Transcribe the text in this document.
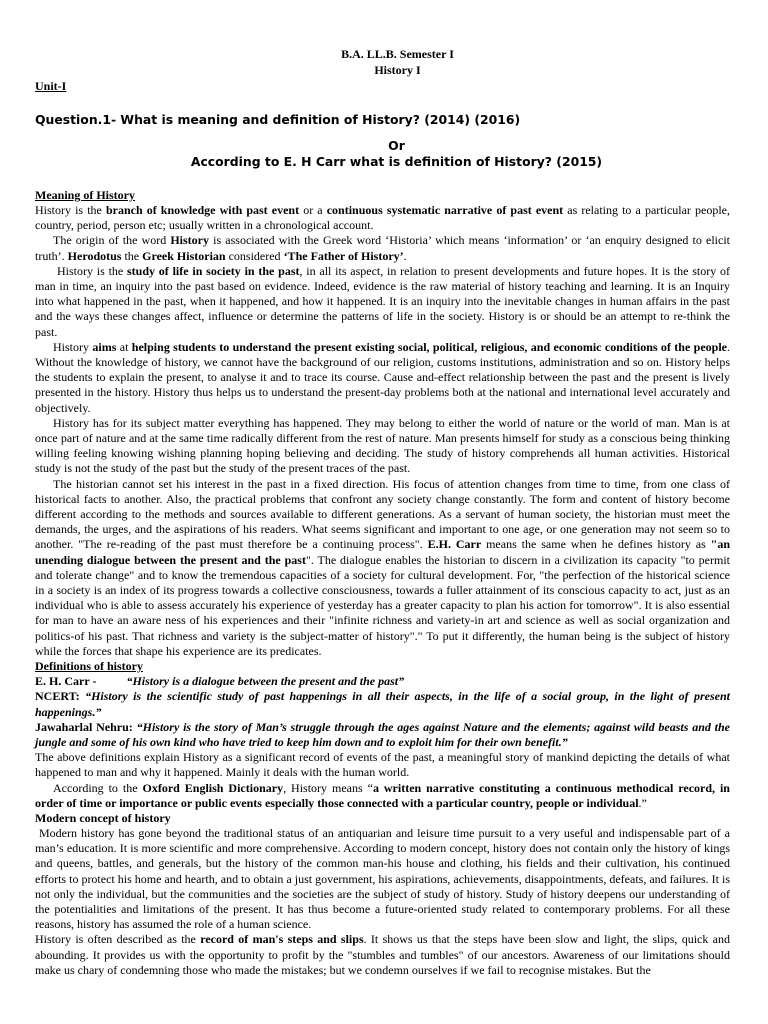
B.A. LL.B. Semester I
History I
Unit-I
Question.1- What is meaning and definition of History? (2014) (2016)
Or
According to E. H Carr what is definition of History? (2015)
Meaning of History

History is the branch of knowledge with past event or a continuous systematic narrative of past event as relating to a particular people, country, period, person etc; usually written in a chronological account.

The origin of the word History is associated with the Greek word ‘Historia’ which means ‘information’ or ‘an enquiry designed to elicit truth’. Herodotus the Greek Historian considered ‘The Father of History’.

History is the study of life in society in the past, in all its aspect, in relation to present developments and future hopes. It is the story of man in time, an inquiry into the past based on evidence. Indeed, evidence is the raw material of history teaching and learning. It is an Inquiry into what happened in the past, when it happened, and how it happened. It is an inquiry into the inevitable changes in human affairs in the past and the ways these changes affect, influence or determine the patterns of life in the society. History is or should be an attempt to re-think the past.

History aims at helping students to understand the present existing social, political, religious, and economic conditions of the people. Without the knowledge of history, we cannot have the background of our religion, customs institutions, administration and so on. History helps the students to explain the present, to analyse it and to trace its course. Cause and-effect relationship between the past and the present is lively presented in the history. History thus helps us to understand the present-day problems both at the national and international level accurately and objectively.

History has for its subject matter everything has happened. They may belong to either the world of nature or the world of man. Man is at once part of nature and at the same time radically different from the rest of nature. Man presents himself for study as a conscious being thinking willing feeling knowing wishing planning hoping believing and deciding. The study of history comprehends all human activities. Historical study is not the study of the past but the study of the present traces of the past.

The historian cannot set his interest in the past in a fixed direction. His focus of attention changes from time to time, from one class of historical facts to another. Also, the practical problems that confront any society change constantly. The form and content of history become different according to the methods and sources available to different generations. As a servant of human society, the historian must meet the demands, the urges, and the aspirations of his readers. What seems significant and important to one age, or one generation may not seem so to another. "The re-reading of the past must therefore be a continuing process". E.H. Carr means the same when he defines history as "an unending dialogue between the present and the past". The dialogue enables the historian to discern in a civilization its capacity "to permit and tolerate change" and to know the tremendous capacities of a society for cultural development. For, "the perfection of the historical science in a society is an index of its progress towards a collective consciousness, towards a fuller attainment of its conscious capacity to act, just as an individual who is able to assess accurately his experience of yesterday has a greater capacity to plan his action for tomorrow". It is also essential for man to have an aware ness of his experiences and their "infinite richness and variety-in art and science as well as social organization and politics-of his past. That richness and variety is the subject-matter of history"." To put it differently, the human being is the subject of history while the forces that shape his experience are its predicates.

Definitions of history

E. H. Carr -	“History is a dialogue between the present and the past”

NCERT: “History is the scientific study of past happenings in all their aspects, in the life of a social group, in the light of present happenings.”

Jawaharlal Nehru: “History is the story of Man’s struggle through the ages against Nature and the elements; against wild beasts and the jungle and some of his own kind who have tried to keep him down and to exploit him for their own benefit.”

The above definitions explain History as a significant record of events of the past, a meaningful story of mankind depicting the details of what happened to man and why it happened. Mainly it deals with the human world.

According to the Oxford English Dictionary, History means “a written narrative constituting a continuous methodical record, in order of time or importance or public events especially those connected with a particular country, people or individual.”

Modern concept of history

Modern history has gone beyond the traditional status of an antiquarian and leisure time pursuit to a very useful and indispensable part of a man’s education. It is more scientific and more comprehensive. According to modern concept, history does not contain only the history of kings and queens, battles, and generals, but the history of the common man-his house and clothing, his fields and their cultivation, his continued efforts to protect his home and hearth, and to obtain a just government, his aspirations, achievements, disappointments, defeats, and failures. It is not only the individual, but the communities and the societies are the subject of study of history. Study of history deepens our understanding of the potentialities and limitations of the present. It has thus become a future-oriented study related to contemporary problems. For all these reasons, history has assumed the role of a human science.

History is often described as the record of man's steps and slips. It shows us that the steps have been slow and light, the slips, quick and abounding. It provides us with the opportunity to profit by the "stumbles and tumbles" of our ancestors. Awareness of our limitations should make us chary of condemning those who made the mistakes; but we condemn ourselves if we fail to recognise mistakes. But the
